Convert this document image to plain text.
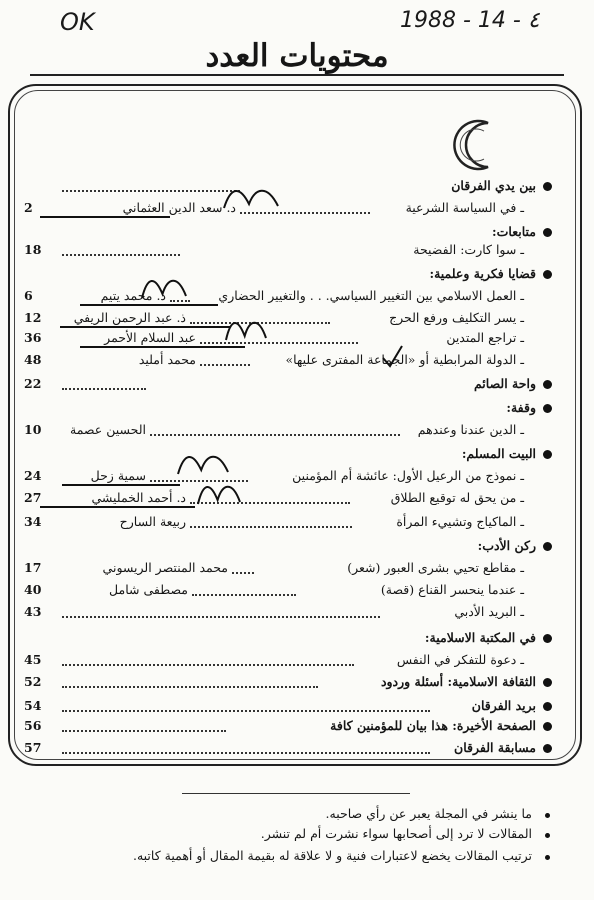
OK	1988 - 14 - ٤
محتويات العدد
بين يدي الفرقان
ـ في السياسة الشرعية
د. سعد الدين العثماني
2
متابعات:
ـ سوا كارت: الفضيحة
18
قضايا فكرية وعلمية:
ـ العمل الاسلامي بين التغيير السياسي. . . والتغيير الحضاري
ذ. محمد يتيم
6
ـ يسر التكليف ورفع الحرج
ذ. عبد الرحمن الريفي
12
ـ تراجع المتدين
عبد السلام الأحمر
36
ـ الدولة المرابطية أو «الجماعة المفترى عليها»
محمد أمليد
48
واحة الصائم
22
وقفة:
ـ الدين عندنا وعندهم
الحسين عصمة
10
البيت المسلم:
ـ نموذج من الرعيل الأول: عائشة أم المؤمنين
سمية زحل
24
ـ من يحق له توقيع الطلاق
د. أحمد الخمليشي
27
ـ الماكياج وتشييء المرأة
ربيعة السارح
34
ركن الأدب:
ـ مقاطع تحيي بشرى العبور (شعر)
محمد المنتصر الريسوني
17
ـ عندما ينحسر القناع (قصة)
مصطفى شامل
40
ـ البريد الأدبي
43
في المكتبة الاسلامية:
ـ دعوة للتفكر في النفس
45
الثقافة الاسلامية: أسئلة وردود
52
بريد الفرقان
54
الصفحة الأخيرة: هذا بيان للمؤمنين كافة
56
مسابقة الفرقان
57
ما ينشر في المجلة يعبر عن رأي صاحبه.
المقالات لا ترد إلى أصحابها سواء نشرت أم لم تنشر.
ترتيب المقالات يخضع لاعتبارات فنية و لا علاقة له بقيمة المقال أو أهمية كاتبه.
